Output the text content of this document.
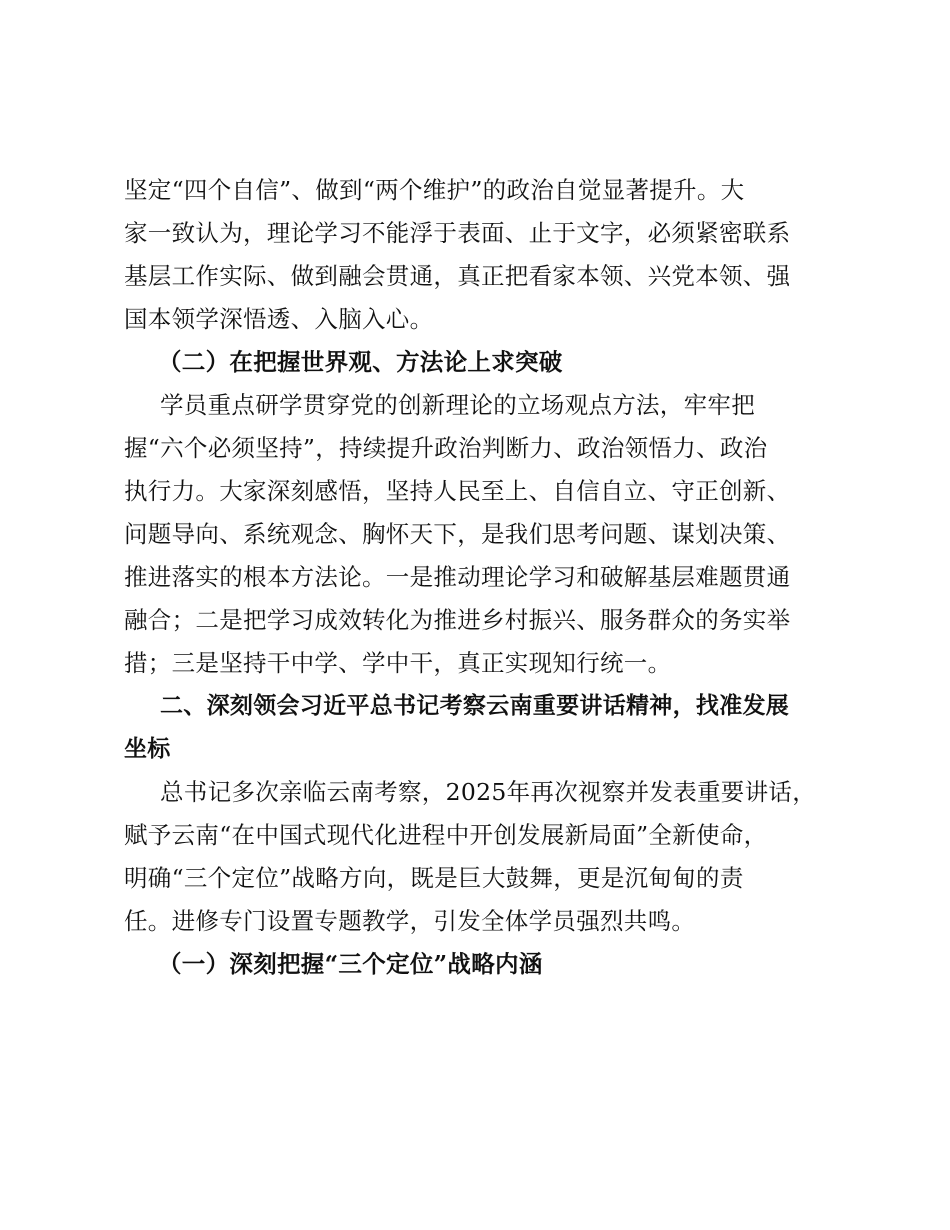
坚定“四个自信”、做到“两个维护”的政治自觉显著提升。大
家一致认为，理论学习不能浮于表面、止于文字，必须紧密联系
基层工作实际、做到融会贯通，真正把看家本领、兴党本领、强
国本领学深悟透、入脑入心。
（二）在把握世界观、方法论上求突破
学员重点研学贯穿党的创新理论的立场观点方法，牢牢把
握“六个必须坚持”，持续提升政治判断力、政治领悟力、政治
执行力。大家深刻感悟，坚持人民至上、自信自立、守正创新、
问题导向、系统观念、胸怀天下，是我们思考问题、谋划决策、
推进落实的根本方法论。一是推动理论学习和破解基层难题贯通
融合；二是把学习成效转化为推进乡村振兴、服务群众的务实举
措；三是坚持干中学、学中干，真正实现知行统一。
二、深刻领会习近平总书记考察云南重要讲话精神，找准发展
坐标
总书记多次亲临云南考察，2025年再次视察并发表重要讲话，
赋予云南“在中国式现代化进程中开创发展新局面”全新使命，
明确“三个定位”战略方向，既是巨大鼓舞，更是沉甸甸的责
任。进修专门设置专题教学，引发全体学员强烈共鸣。
（一）深刻把握“三个定位”战略内涵
